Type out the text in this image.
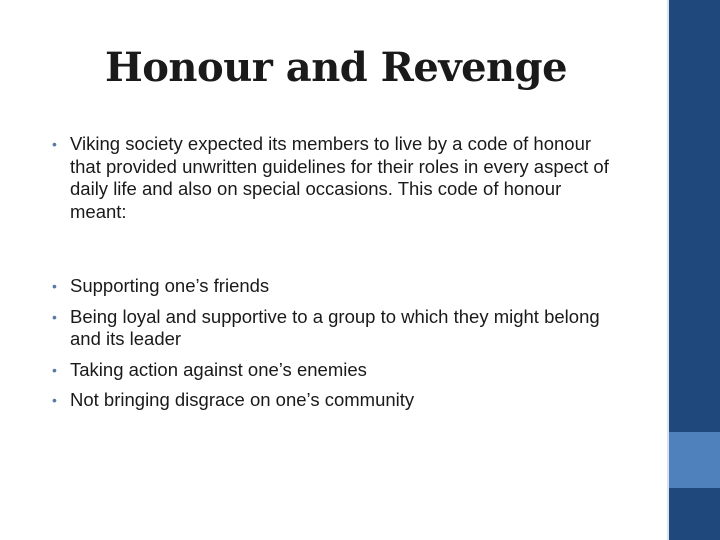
Honour and Revenge
• Viking society expected its members to live by a code of honour that provided unwritten guidelines for their roles in every aspect of daily life and also on special occasions. This code of honour meant:
• Supporting one’s friends
• Being loyal and supportive to a group to which they might belong and its leader
• Taking action against one’s enemies
• Not bringing disgrace on one’s community
